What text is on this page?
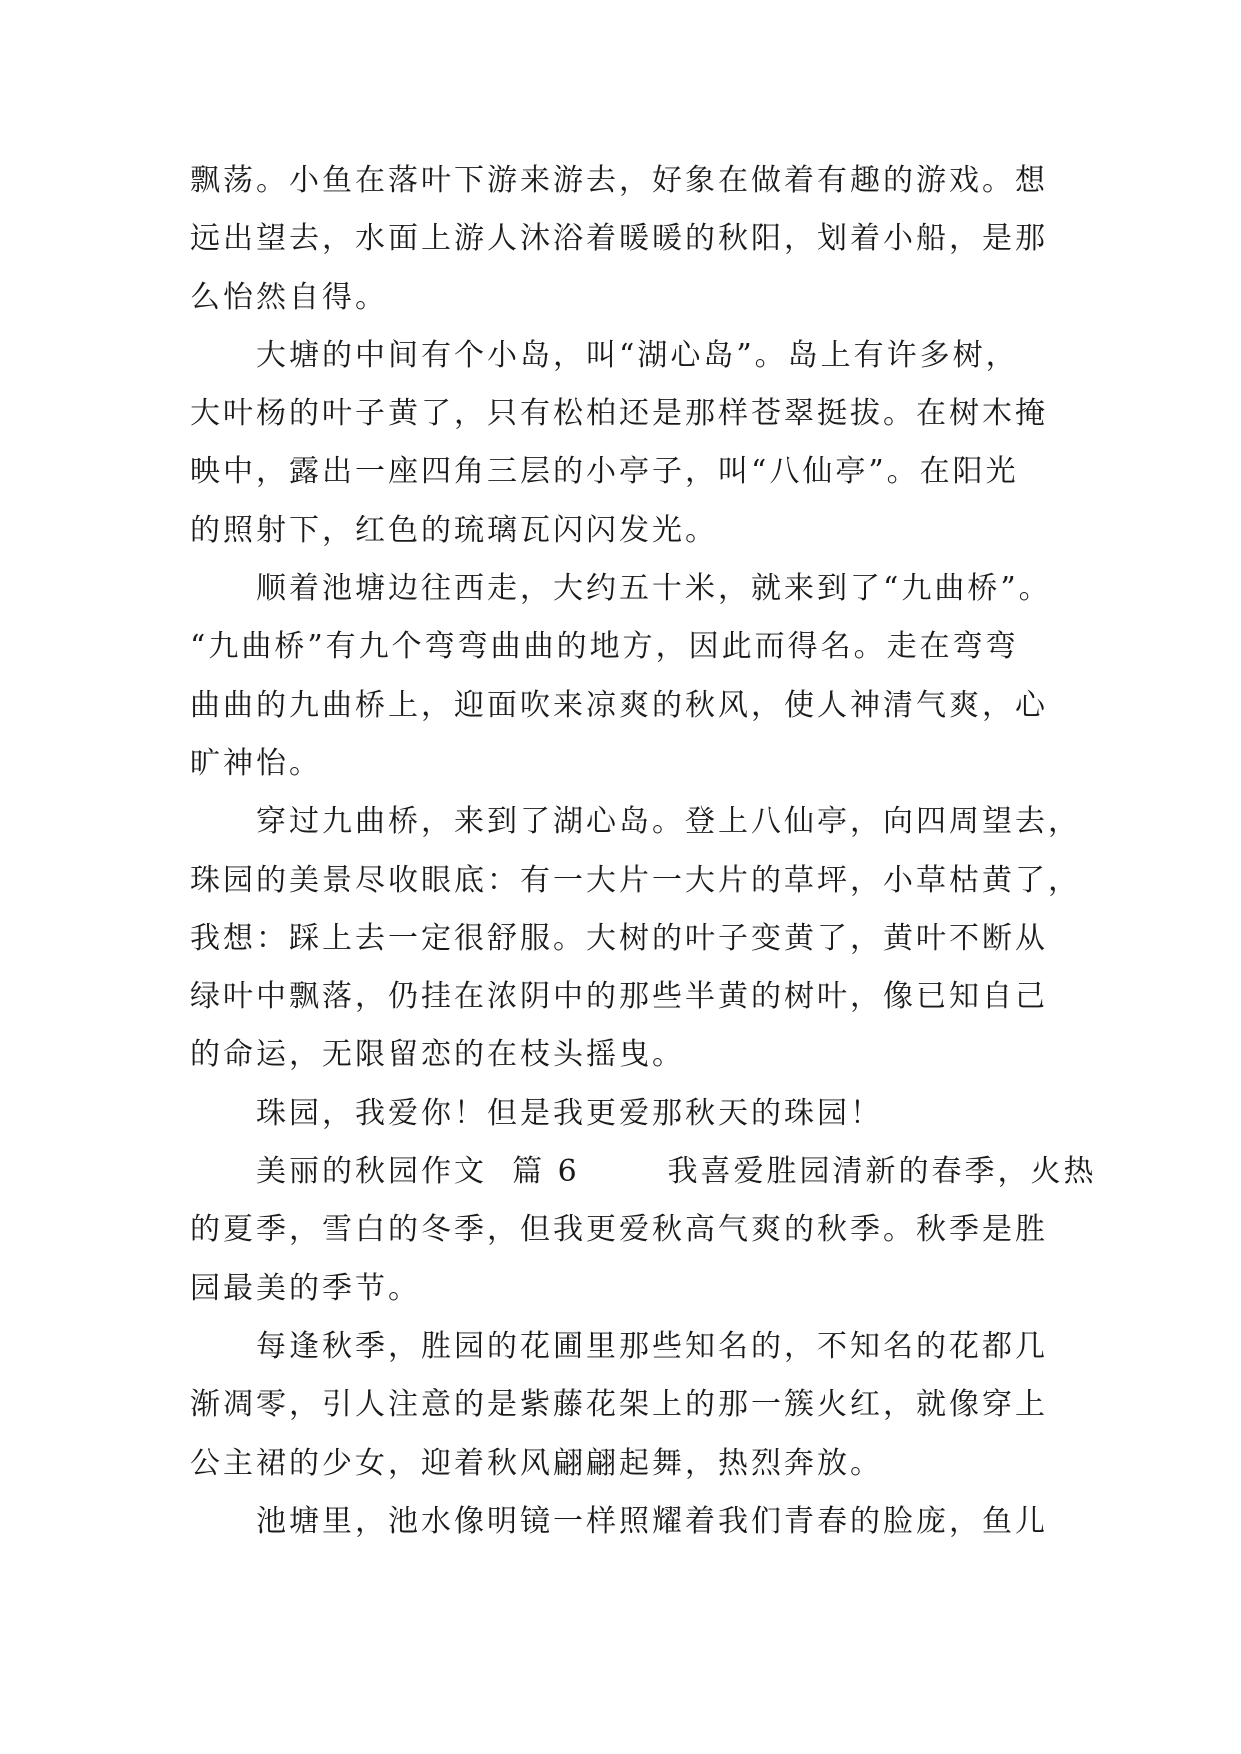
飘荡。小鱼在落叶下游来游去，好象在做着有趣的游戏。想
远出望去，水面上游人沐浴着暖暖的秋阳，划着小船，是那
么怡然自得。
大塘的中间有个小岛，叫“湖心岛”。岛上有许多树，
大叶杨的叶子黄了，只有松柏还是那样苍翠挺拔。在树木掩
映中，露出一座四角三层的小亭子，叫“八仙亭”。在阳光
的照射下，红色的琉璃瓦闪闪发光。
顺着池塘边往西走，大约五十米，就来到了“九曲桥”。
“九曲桥”有九个弯弯曲曲的地方，因此而得名。走在弯弯
曲曲的九曲桥上，迎面吹来凉爽的秋风，使人神清气爽，心
旷神怡。
穿过九曲桥，来到了湖心岛。登上八仙亭，向四周望去，
珠园的美景尽收眼底：有一大片一大片的草坪，小草枯黄了，
我想：踩上去一定很舒服。大树的叶子变黄了，黄叶不断从
绿叶中飘落，仍挂在浓阴中的那些半黄的树叶，像已知自己
的命运，无限留恋的在枝头摇曳。
珠园，我爱你！但是我更爱那秋天的珠园！
美丽的秋园作文  篇 6       我喜爱胜园清新的春季，火热
的夏季，雪白的冬季，但我更爱秋高气爽的秋季。秋季是胜
园最美的季节。
每逢秋季，胜园的花圃里那些知名的，不知名的花都几
渐凋零，引人注意的是紫藤花架上的那一簇火红，就像穿上
公主裙的少女，迎着秋风翩翩起舞，热烈奔放。
池塘里，池水像明镜一样照耀着我们青春的脸庞，鱼儿
